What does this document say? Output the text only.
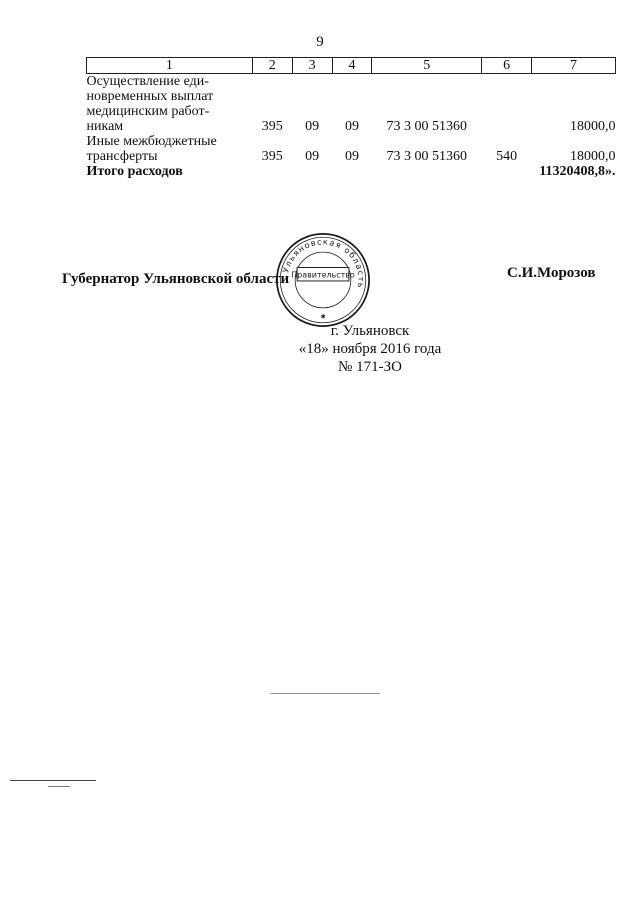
9
1	2	3	4	5	6	7

Осуществление еди-
новременных выплат
медицинским работ-
никам	395	09	09	73 3 00 51360		18000,0

Иные межбюджетные
трансферты	395	09	09	73 3 00 51360	540	18000,0
Итого расходов					11320408,8».	
Губернатор Ульяновской области	С.И.Морозов
Ульяновская область
Правительство
✱
г. Ульяновск
«18» ноября 2016 года
№ 171-ЗО
